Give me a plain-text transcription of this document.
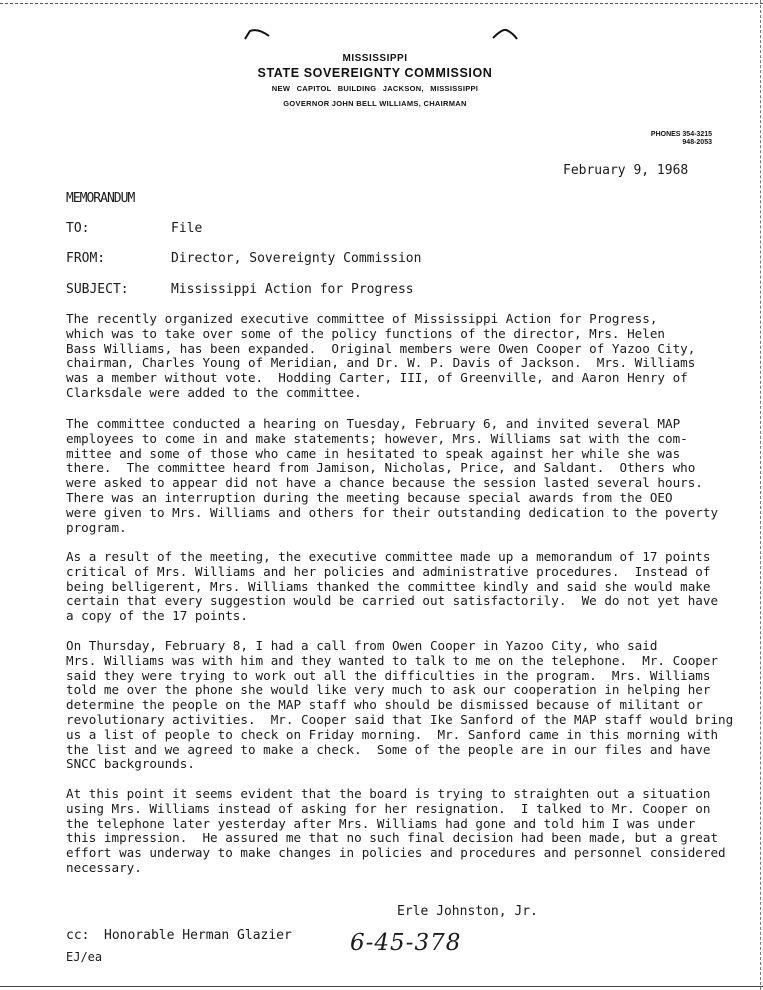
MISSISSIPPI
STATE SOVEREIGNTY COMMISSION
NEW CAPITOL BUILDING JACKSON, MISSISSIPPI
GOVERNOR JOHN BELL WILLIAMS, CHAIRMAN
PHONES 354-3215
948-2053
February 9, 1968
MEMORANDUM
TO:	File
FROM:	Director, Sovereignty Commission
SUBJECT:	Mississippi Action for Progress
The recently organized executive committee of Mississippi Action for Progress,
which was to take over some of the policy functions of the director, Mrs. Helen
Bass Williams, has been expanded.  Original members were Owen Cooper of Yazoo City,
chairman, Charles Young of Meridian, and Dr. W. P. Davis of Jackson.  Mrs. Williams
was a member without vote.  Hodding Carter, III, of Greenville, and Aaron Henry of
Clarksdale were added to the committee.
The committee conducted a hearing on Tuesday, February 6, and invited several MAP
employees to come in and make statements; however, Mrs. Williams sat with the com-
mittee and some of those who came in hesitated to speak against her while she was
there.  The committee heard from Jamison, Nicholas, Price, and Saldant.  Others who
were asked to appear did not have a chance because the session lasted several hours.
There was an interruption during the meeting because special awards from the OEO
were given to Mrs. Williams and others for their outstanding dedication to the poverty
program.
As a result of the meeting, the executive committee made up a memorandum of 17 points
critical of Mrs. Williams and her policies and administrative procedures.  Instead of
being belligerent, Mrs. Williams thanked the committee kindly and said she would make
certain that every suggestion would be carried out satisfactorily.  We do not yet have
a copy of the 17 points.
On Thursday, February 8, I had a call from Owen Cooper in Yazoo City, who said
Mrs. Williams was with him and they wanted to talk to me on the telephone.  Mr. Cooper
said they were trying to work out all the difficulties in the program.  Mrs. Williams
told me over the phone she would like very much to ask our cooperation in helping her
determine the people on the MAP staff who should be dismissed because of militant or
revolutionary activities.  Mr. Cooper said that Ike Sanford of the MAP staff would bring
us a list of people to check on Friday morning.  Mr. Sanford came in this morning with
the list and we agreed to make a check.  Some of the people are in our files and have
SNCC backgrounds.
At this point it seems evident that the board is trying to straighten out a situation
using Mrs. Williams instead of asking for her resignation.  I talked to Mr. Cooper on
the telephone later yesterday after Mrs. Williams had gone and told him I was under
this impression.  He assured me that no such final decision had been made, but a great
effort was underway to make changes in policies and procedures and personnel considered
necessary.
Erle Johnston, Jr.
cc: Honorable Herman Glazier
EJ/ea
6-45-378
